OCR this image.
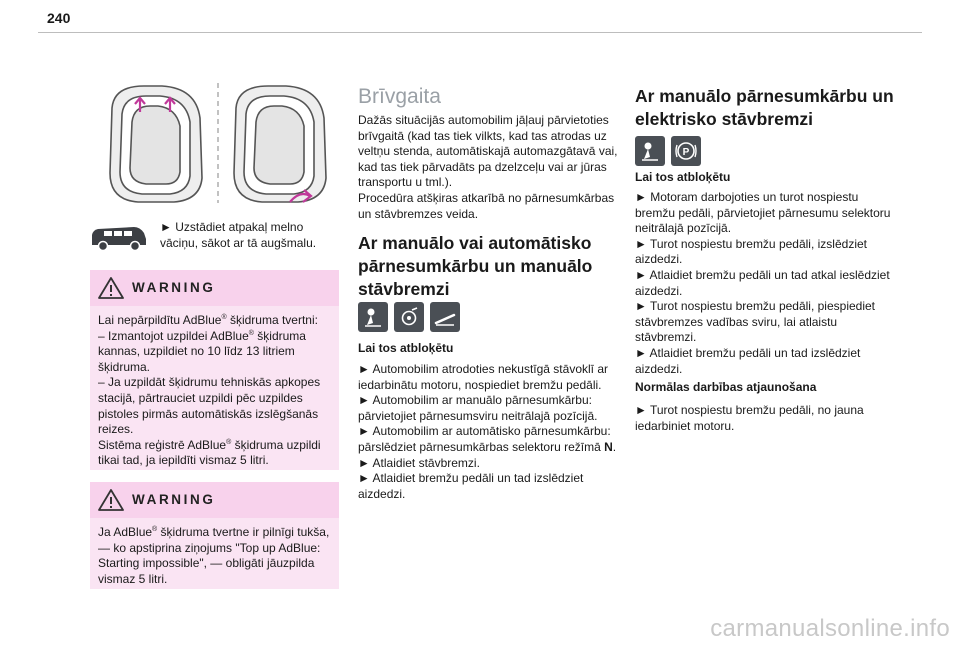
240
► Uzstādiet atpakaļ melno vāciņu, sākot ar tā augšmalu.
WARNING

Lai nepārpildītu AdBlue® šķidruma tvertni:

– Izmantojot uzpildei AdBlue® šķidruma kannas, uzpildiet no 10 līdz 13 litriem šķidruma.

– Ja uzpildāt šķidrumu tehniskās apkopes stacijā, pārtrauciet uzpildi pēc uzpildes pistoles pirmās automātiskās izslēgšanās reizes.

Sistēma reģistrē AdBlue® šķidruma uzpildi tikai tad, ja iepildīti vismaz 5 litri.

WARNING

Ja AdBlue® šķidruma tvertne ir pilnīgi tukša, — ko apstiprina ziņojums "Top up AdBlue: Starting impossible", — obligāti jāuzpilda vismaz 5 litri.

Brīvgaita
Dažās situācijās automobilim jāļauj pārvietoties brīvgaitā (kad tas tiek vilkts, kad tas atrodas uz veltņu stenda, automātiskajā automazgātavā vai, kad tas tiek pārvadāts pa dzelzceļu vai ar jūras transportu u tml.).
Procedūra atšķiras atkarībā no pārnesumkārbas un stāvbremzes veida.
Ar manuālo vai automātisko pārnesumkārbu un manuālo stāvbremzi
Lai tos atbloķētu

► Automobilim atrodoties nekustīgā stāvoklī ar iedarbinātu motoru, nospiediet bremžu pedāli.

► Automobilim ar manuālo pārnesumkārbu: pārvietojiet pārnesumsviru neitrālajā pozīcijā.

► Automobilim ar automātisko pārnesumkārbu: pārslēdziet pārnesumkārbas selektoru režīmā N.

► Atlaidiet stāvbremzi.

► Atlaidiet bremžu pedāli un tad izslēdziet aizdedzi.

Ar manuālo pārnesumkārbu un elektrisko stāvbremzi
P
Lai tos atbloķētu

► Motoram darbojoties un turot nospiestu bremžu pedāli, pārvietojiet pārnesumu selektoru neitrālajā pozīcijā.

► Turot nospiestu bremžu pedāli, izslēdziet aizdedzi.

► Atlaidiet bremžu pedāli un tad atkal ieslēdziet aizdedzi.

► Turot nospiestu bremžu pedāli, piespiediet stāvbremzes vadības sviru, lai atlaistu stāvbremzi.

► Atlaidiet bremžu pedāli un tad izslēdziet aizdedzi.

Normālas darbības atjaunošana

► Turot nospiestu bremžu pedāli, no jauna iedarbiniet motoru.

carmanualsonline.info
